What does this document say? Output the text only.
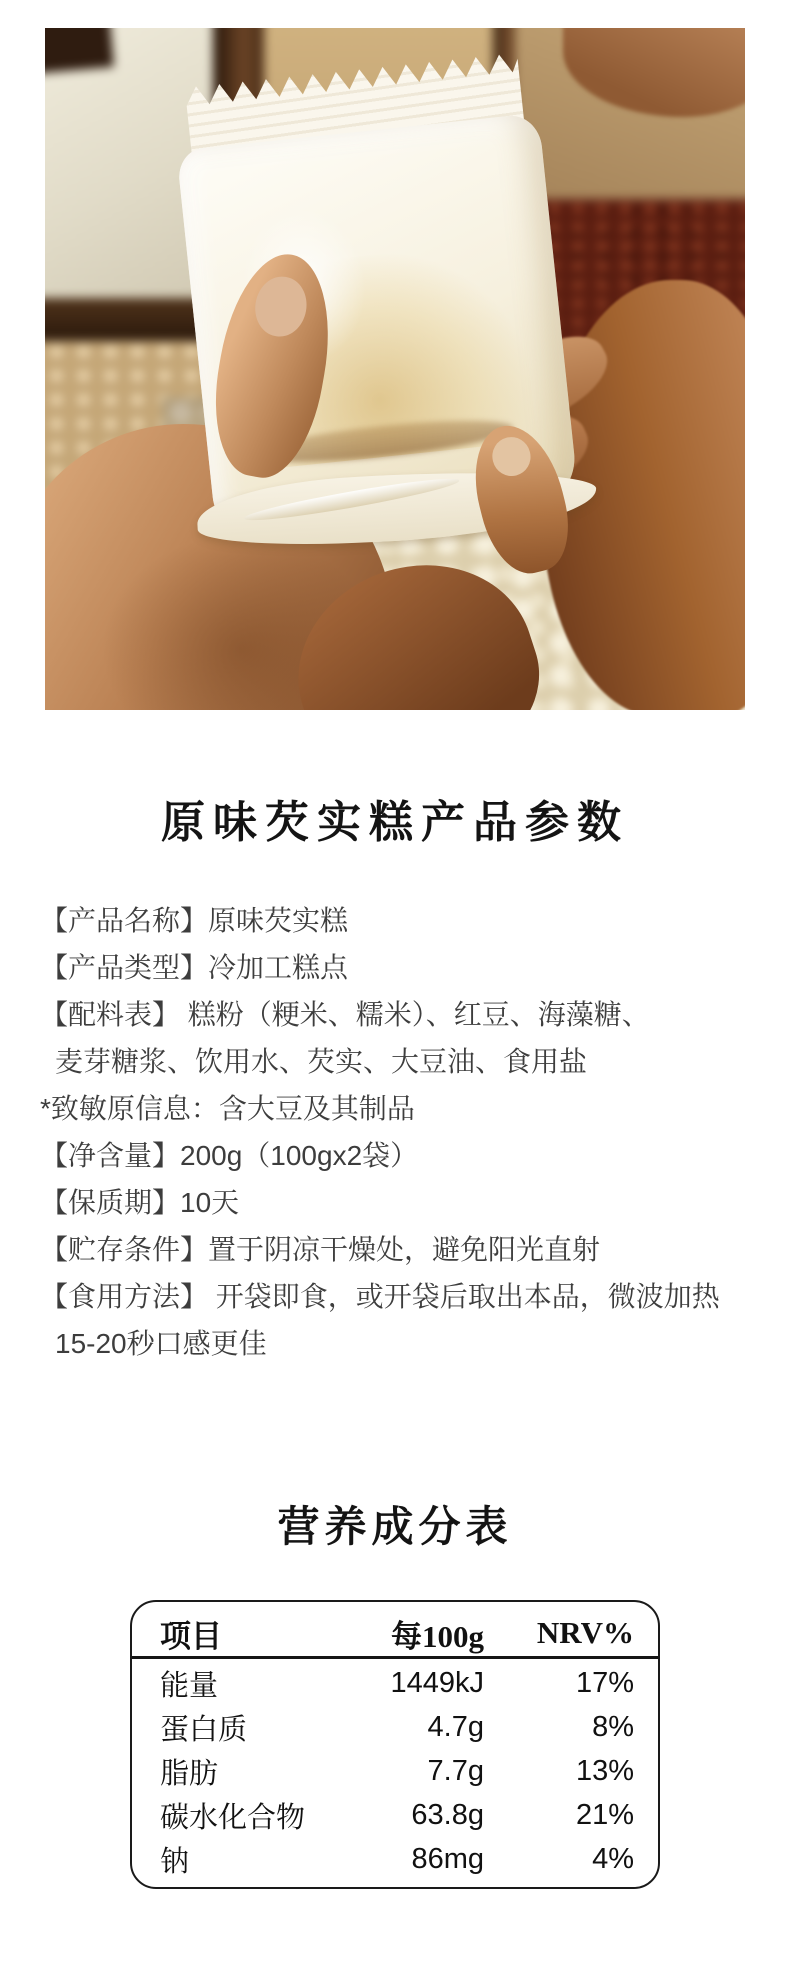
原味芡实糕产品参数
【产品名称】原味芡实糕
【产品类型】冷加工糕点
【配料表】 糕粉（粳米、糯米）、红豆、海藻糖、
麦芽糖浆、饮用水、芡实、大豆油、食用盐
*致敏原信息：含大豆及其制品
【净含量】200g（100gx2袋）
【保质期】10天
【贮存条件】置于阴凉干燥处，避免阳光直射
【食用方法】 开袋即食，或开袋后取出本品，微波加热
15-20秒口感更佳
营养成分表
项目	每100g	NRV%
能量	1449kJ	17%
蛋白质	4.7g	8%
脂肪	7.7g	13%
碳水化合物	63.8g	21%
钠	86mg	4%
